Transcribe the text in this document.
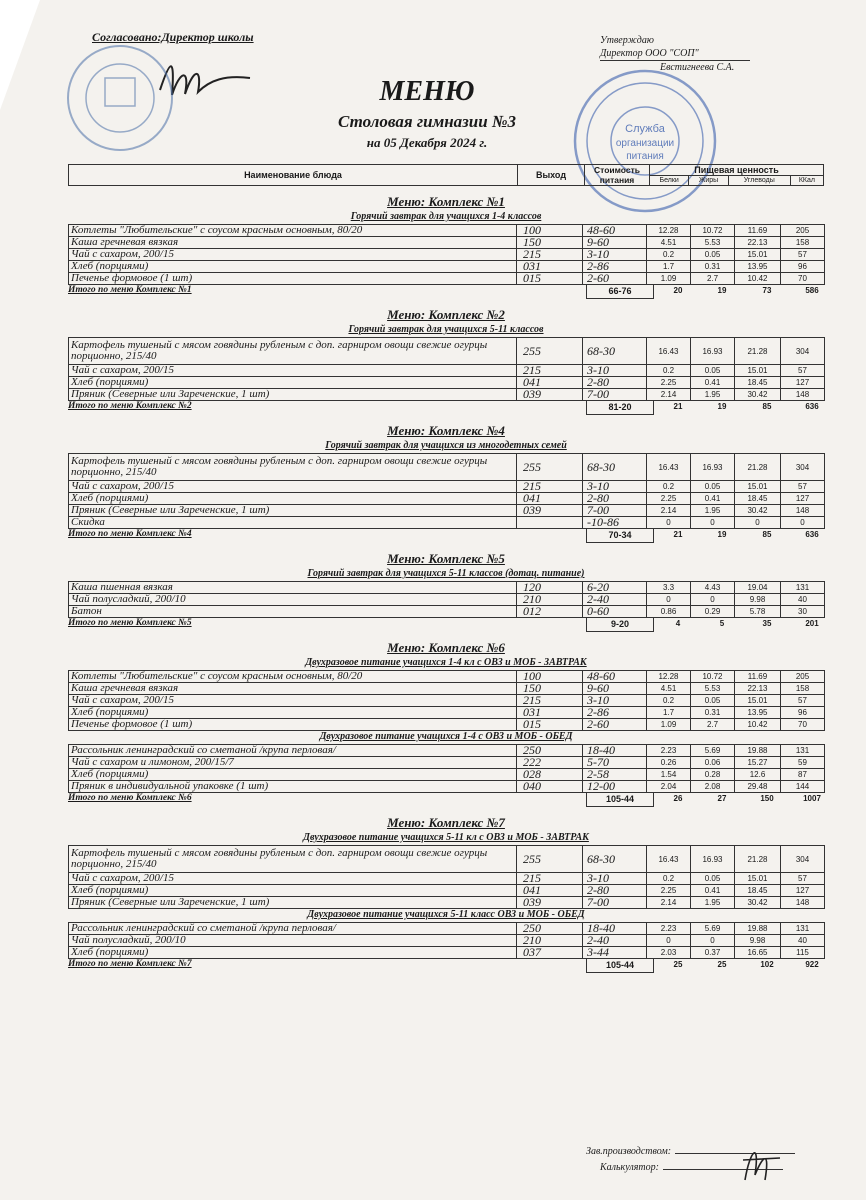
Согласовано:Директор школы	Утверждаю
Директор ООО "СОП"
Евстигнеева С.А.
Служба
организации
питания
МЕНЮ
Столовая гимназии №3
на 05 Декабря 2024 г.
Наименование блюда	Выход	Стоимость питания	Пищевая ценность			
			Белки	Жиры	Углеводы	ККал
Меню: Комплекс №1
Горячий завтрак для учащихся 1-4 классов
Котлеты "Любительские" с соусом красным основным, 80/20	100	48-60	12.28	10.72	11.69	205
Каша гречневая вязкая	150	9-60	4.51	5.53	22.13	158
Чай с сахаром, 200/15	215	3-10	0.2	0.05	15.01	57
Хлеб (порциями)	031	2-86	1.7	0.31	13.95	96
Печенье формовое (1 шт)	015	2-60	1.09	2.7	10.42	70
Итого по меню Комплекс №1	66-76	20	19	73	586
Меню: Комплекс №2
Горячий завтрак для учащихся 5-11 классов
Картофель тушеный с мясом говядины рубленым с доп. гарниром овощи свежие огурцы порционно, 215/40	255	68-30	16.43	16.93	21.28	304
Чай с сахаром, 200/15	215	3-10	0.2	0.05	15.01	57
Хлеб (порциями)	041	2-80	2.25	0.41	18.45	127
Пряник (Северные или Зареченские, 1 шт)	039	7-00	2.14	1.95	30.42	148
Итого по меню Комплекс №2	81-20	21	19	85	636
Меню: Комплекс №4
Горячий завтрак для учащихся из многодетных семей
Картофель тушеный с мясом говядины рубленым с доп. гарниром овощи свежие огурцы порционно, 215/40	255	68-30	16.43	16.93	21.28	304
Чай с сахаром, 200/15	215	3-10	0.2	0.05	15.01	57
Хлеб (порциями)	041	2-80	2.25	0.41	18.45	127
Пряник (Северные или Зареченские, 1 шт)	039	7-00	2.14	1.95	30.42	148
Скидка		-10-86	0	0	0	0
Итого по меню Комплекс №4	70-34	21	19	85	636
Меню: Комплекс №5
Горячий завтрак для учащихся 5-11 классов (дотац. питание)
Каша пшенная вязкая	120	6-20	3.3	4.43	19.04	131
Чай полусладкий, 200/10	210	2-40	0	0	9.98	40
Батон	012	0-60	0.86	0.29	5.78	30
Итого по меню Комплекс №5	9-20	4	5	35	201
Меню: Комплекс №6
Двухразовое питание учащихся 1-4 кл с ОВЗ и МОБ - ЗАВТРАК
Котлеты "Любительские" с соусом красным основным, 80/20	100	48-60	12.28	10.72	11.69	205
Каша гречневая вязкая	150	9-60	4.51	5.53	22.13	158
Чай с сахаром, 200/15	215	3-10	0.2	0.05	15.01	57
Хлеб (порциями)	031	2-86	1.7	0.31	13.95	96
Печенье формовое (1 шт)	015	2-60	1.09	2.7	10.42	70
Двухразовое питание учащихся 1-4 с ОВЗ и МОБ - ОБЕД
Рассольник ленинградский со сметаной /крупа перловая/	250	18-40	2.23	5.69	19.88	131
Чай с сахаром и лимоном, 200/15/7	222	5-70	0.26	0.06	15.27	59
Хлеб (порциями)	028	2-58	1.54	0.28	12.6	87
Пряник в индивидуальной упаковке (1 шт)	040	12-00	2.04	2.08	29.48	144
Итого по меню Комплекс №6	105-44	26	27	150	1007
Меню: Комплекс №7
Двухразовое питание учащихся 5-11 кл с ОВЗ и МОБ - ЗАВТРАК
Картофель тушеный с мясом говядины рубленым с доп. гарниром овощи свежие огурцы порционно, 215/40	255	68-30	16.43	16.93	21.28	304
Чай с сахаром, 200/15	215	3-10	0.2	0.05	15.01	57
Хлеб (порциями)	041	2-80	2.25	0.41	18.45	127
Пряник (Северные или Зареченские, 1 шт)	039	7-00	2.14	1.95	30.42	148
Двухразовое питание учащихся 5-11 класс ОВЗ и МОБ - ОБЕД
Рассольник ленинградский со сметаной /крупа перловая/	250	18-40	2.23	5.69	19.88	131
Чай полусладкий, 200/10	210	2-40	0	0	9.98	40
Хлеб (порциями)	037	3-44	2.03	0.37	16.65	115
Итого по меню Комплекс №7	105-44	25	25	102	922
Зав.производством:
Калькулятор:
